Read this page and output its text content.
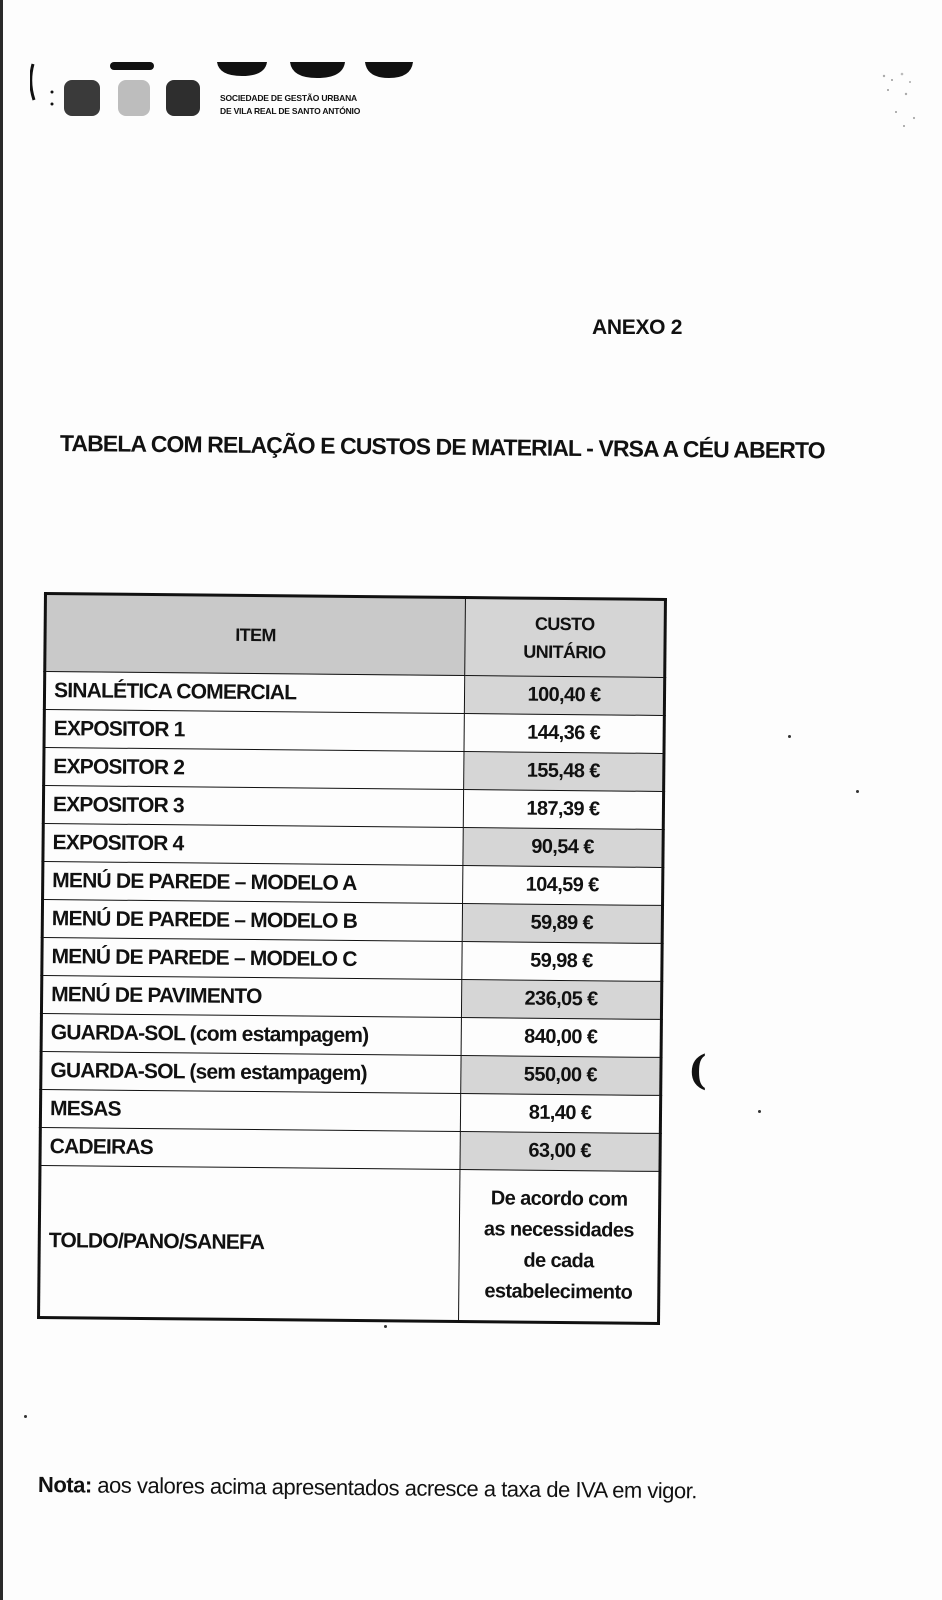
SOCIEDADE DE GESTÃO URBANA
DE VILA REAL DE SANTO ANTÓNIO
ANEXO 2
TABELA COM RELAÇÃO E CUSTOS DE MATERIAL - VRSA A CÉU ABERTO
ITEM	CUSTO
UNITÁRIO

SINALÉTICA COMERCIAL	100,40 €
EXPOSITOR 1	144,36 €
EXPOSITOR 2	155,48 €
EXPOSITOR 3	187,39 €
EXPOSITOR 4	90,54 €
MENÚ DE PAREDE – MODELO A	104,59 €
MENÚ DE PAREDE – MODELO B	59,89 €
MENÚ DE PAREDE – MODELO C	59,98 €
MENÚ DE PAVIMENTO	236,05 €
GUARDA-SOL (com estampagem)	840,00 €
GUARDA-SOL (sem estampagem)	550,00 €
MESAS	81,40 €
CADEIRAS	63,00 €
TOLDO/PANO/SANEFA	De acordo com
as necessidades
de cada
estabelecimento
(
Nota: aos valores acima apresentados acresce a taxa de IVA em vigor.
